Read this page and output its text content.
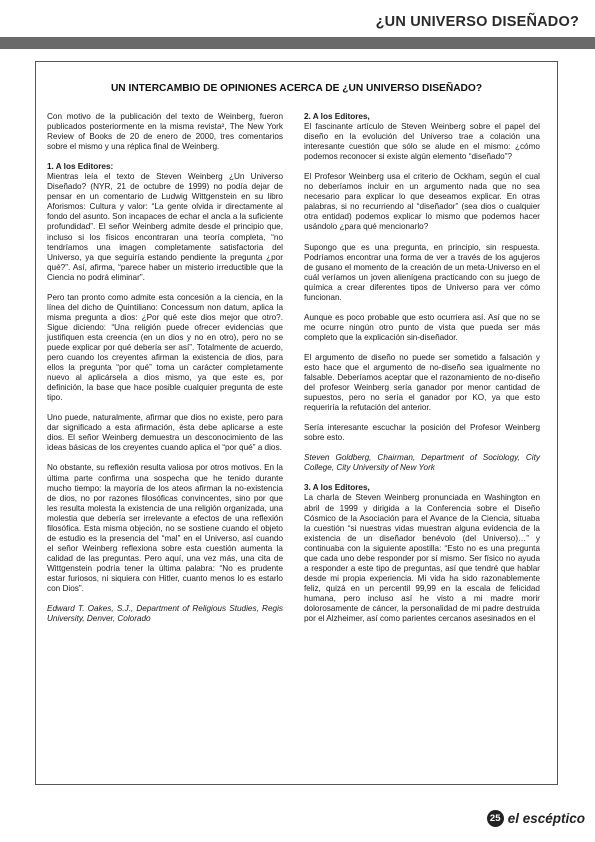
¿UN UNIVERSO DISEÑADO?
UN INTERCAMBIO DE OPINIONES ACERCA DE ¿UN UNIVERSO DISEÑADO?

Con motivo de la publicación del texto de Weinberg, fueron publicados posteriormente en la misma revista², The New York Review of Books de 20 de enero de 2000, tres comentarios sobre el mismo y una réplica final de Weinberg.

1. A los Editores:

Mientras leía el texto de Steven Weinberg ¿Un Universo Diseñado? (NYR, 21 de octubre de 1999) no podía dejar de pensar en un comentario de Ludwig Wittgenstein en su libro Aforismos: Cultura y valor: “La gente olvida ir directamente al fondo del asunto. Son incapaces de echar el ancla a la suficiente profundidad”. El señor Weinberg admite desde el principio que, incluso si los físicos encontraran una teoría completa, “no tendríamos una imagen completamente satisfactoria del Universo, ya que seguiría estando pendiente la pregunta ¿por qué?”. Así, afirma, “parece haber un misterio irreductible que la Ciencia no podrá eliminar”.

Pero tan pronto como admite esta concesión a la ciencia, en la línea del dicho de Quintiliano: Concessum non datum, aplica la misma pregunta a dios: ¿Por qué este dios mejor que otro?. Sigue diciendo: “Una religión puede ofrecer evidencias que justifiquen esta creencia (en un dios y no en otro), pero no se puede explicar por qué debería ser así”. Totalmente de acuerdo, pero cuando los creyentes afirman la existencia de dios, para ellos la pregunta “por qué” toma un carácter completamente nuevo al aplicársela a dios mismo, ya que este es, por definición, la base que hace posible cualquier pregunta de este tipo.

Uno puede, naturalmente, afirmar que dios no existe, pero para dar significado a esta afirmación, ésta debe aplicarse a este dios. El señor Weinberg demuestra un desconocimiento de las ideas básicas de los creyentes cuando aplica el “por qué” a dios.

No obstante, su reflexión resulta valiosa por otros motivos. En la última parte confirma una sospecha que he tenido durante mucho tiempo: la mayoría de los ateos afirman la no-existencia de dios, no por razones filosóficas convincentes, sino por que les resulta molesta la existencia de una religión organizada, una molestia que debería ser irrelevante a efectos de una reflexión filosófica. Esta misma objeción, no se sostiene cuando el objeto de estudio es la presencia del “mal” en el Universo, así cuando el señor Weinberg reflexiona sobre esta cuestión aumenta la calidad de las preguntas. Pero aquí, una vez más, una cita de Wittgenstein podría tener la última palabra: “No es prudente estar furiosos, ni siquiera con Hitler, cuanto menos lo es estarlo con Dios”.

Edward T. Oakes, S.J., Department of Religious Studies, Regis University, Denver, Colorado

2. A los Editores,

El fascinante artículo de Steven Weinberg sobre el papel del diseño en la evolución del Universo trae a colación una interesante cuestión que sólo se alude en el mismo: ¿cómo podemos reconocer si existe algún elemento “diseñado”?

El Profesor Weinberg usa el criterio de Ockham, según el cual no deberíamos incluir en un argumento nada que no sea necesario para explicar lo que deseamos explicar. En otras palabras, si no recurriendo al “diseñador” (sea dios o cualquier otra entidad) podemos explicar lo mismo que podemos hacer usándolo ¿para qué mencionarlo?

Supongo que es una pregunta, en principio, sin respuesta. Podríamos encontrar una forma de ver a través de los agujeros de gusano el momento de la creación de un meta-Universo en el cuál veríamos un joven alienígena practicando con su juego de química a crear diferentes tipos de Universo para ver cómo funcionan.

Aunque es poco probable que esto ocurriera así. Así que no se me ocurre ningún otro punto de vista que pueda ser más completo que la explicación sin-diseñador.

El argumento de diseño no puede ser sometido a falsación y esto hace que el argumento de no-diseño sea igualmente no falsable. Deberíamos aceptar que el razonamiento de no-diseño del profesor Weinberg sería ganador por menor cantidad de supuestos, pero no sería el ganador por KO, ya que esto requeriría la refutación del anterior.

Sería interesante escuchar la posición del Profesor Weinberg sobre esto.

Steven Goldberg, Chairman, Department of Sociology, City College, City University of New York

3. A los Editores,

La charla de Steven Weinberg pronunciada en Washington en abril de 1999 y dirigida a la Conferencia sobre el Diseño Cósmico de la Asociación para el Avance de la Ciencia, situaba la cuestión “si nuestras vidas muestran alguna evidencia de la existencia de un diseñador benévolo (del Universo)…” y continuaba con la siguiente apostilla: “Esto no es una pregunta que cada uno debe responder por sí mismo. Ser físico no ayuda a responder a este tipo de preguntas, así que tendré que hablar desde mi propia experiencia. Mi vida ha sido razonablemente feliz, quizá en un percentil 99,99 en la escala de felicidad humana, pero incluso así he visto a mi madre morir dolorosamente de cáncer, la personalidad de mi padre destruida por el Alzheimer, así como parientes cercanos asesinados en el

25 el escéptico
